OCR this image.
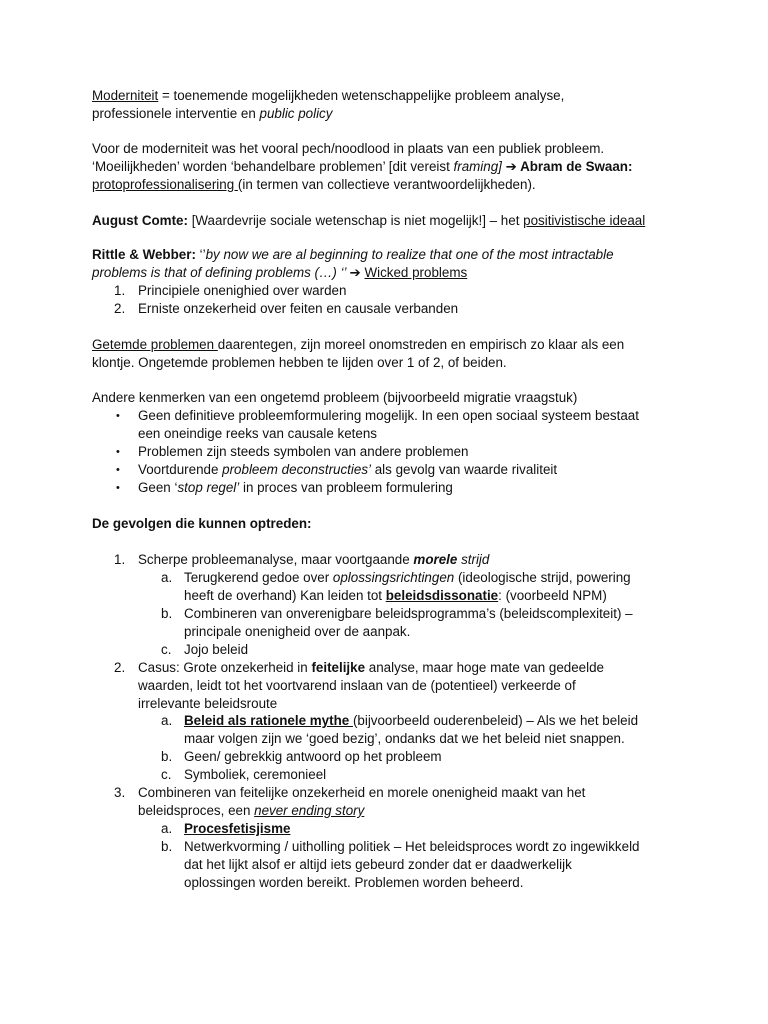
Moderniteit = toenemende mogelijkheden wetenschappelijke probleem analyse,
professionele interventie en public policy
Voor de moderniteit was het vooral pech/noodlood in plaats van een publiek probleem.
‘Moeilijkheden’ worden ‘behandelbare problemen’ [dit vereist framing] ➔ Abram de Swaan:
protoprofessionalisering (in termen van collectieve verantwoordelijkheden).
August Comte: [Waardevrije sociale wetenschap is niet mogelijk!] – het positivistische ideaal
Rittle & Webber: ‘’by now we are al beginning to realize that one of the most intractable
problems is that of defining problems (…) ‘’ ➔ Wicked problems
1. Principiele onenighied over warden
2. Erniste onzekerheid over feiten en causale verbanden
Getemde problemen daarentegen, zijn moreel onomstreden en empirisch zo klaar als een
klontje. Ongetemde problemen hebben te lijden over 1 of 2, of beiden.
Andere kenmerken van een ongetemd probleem (bijvoorbeeld migratie vraagstuk)
• Geen definitieve probleemformulering mogelijk. In een open sociaal systeem bestaat
een oneindige reeks van causale ketens
• Problemen zijn steeds symbolen van andere problemen
• Voortdurende probleem deconstructies’ als gevolg van waarde rivaliteit
• Geen ‘stop regel’ in proces van probleem formulering
De gevolgen die kunnen optreden:
1. Scherpe probleemanalyse, maar voortgaande morele strijd
a. Terugkerend gedoe over oplossingsrichtingen (ideologische strijd, powering
heeft de overhand) Kan leiden tot beleidsdissonatie: (voorbeeld NPM)
b. Combineren van onverenigbare beleidsprogramma’s (beleidscomplexiteit) –
principale onenigheid over de aanpak.
c. Jojo beleid
2. Casus: Grote onzekerheid in feitelijke analyse, maar hoge mate van gedeelde
waarden, leidt tot het voortvarend inslaan van de (potentieel) verkeerde of
irrelevante beleidsroute
a. Beleid als rationele mythe (bijvoorbeeld ouderenbeleid) – Als we het beleid
maar volgen zijn we ‘goed bezig’, ondanks dat we het beleid niet snappen.
b. Geen/ gebrekkig antwoord op het probleem
c. Symboliek, ceremonieel
3. Combineren van feitelijke onzekerheid en morele onenigheid maakt van het
beleidsproces, een never ending story
a. Procesfetisjisme
b. Netwerkvorming / uitholling politiek – Het beleidsproces wordt zo ingewikkeld
dat het lijkt alsof er altijd iets gebeurd zonder dat er daadwerkelijk
oplossingen worden bereikt. Problemen worden beheerd.
